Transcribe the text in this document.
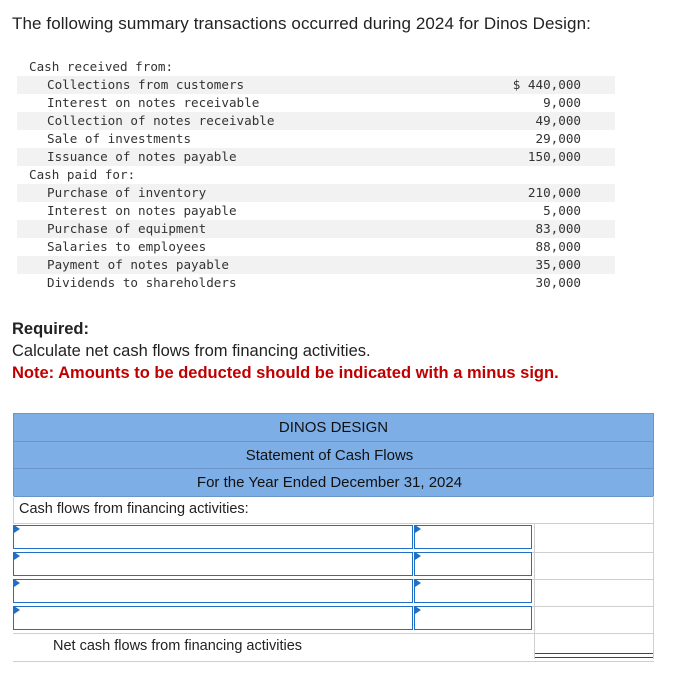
The following summary transactions occurred during 2024 for Dinos Design:
Cash received from:
Collections from customers	$ 440,000
Interest on notes receivable	9,000
Collection of notes receivable	49,000
Sale of investments	29,000
Issuance of notes payable	150,000
Cash paid for:
Purchase of inventory	210,000
Interest on notes payable	5,000
Purchase of equipment	83,000
Salaries to employees	88,000
Payment of notes payable	35,000
Dividends to shareholders	30,000
Required:
Calculate net cash flows from financing activities.
Note: Amounts to be deducted should be indicated with a minus sign.
DINOS DESIGN
Statement of Cash Flows
For the Year Ended December 31, 2024
Cash flows from financing activities:
Net cash flows from financing activities
